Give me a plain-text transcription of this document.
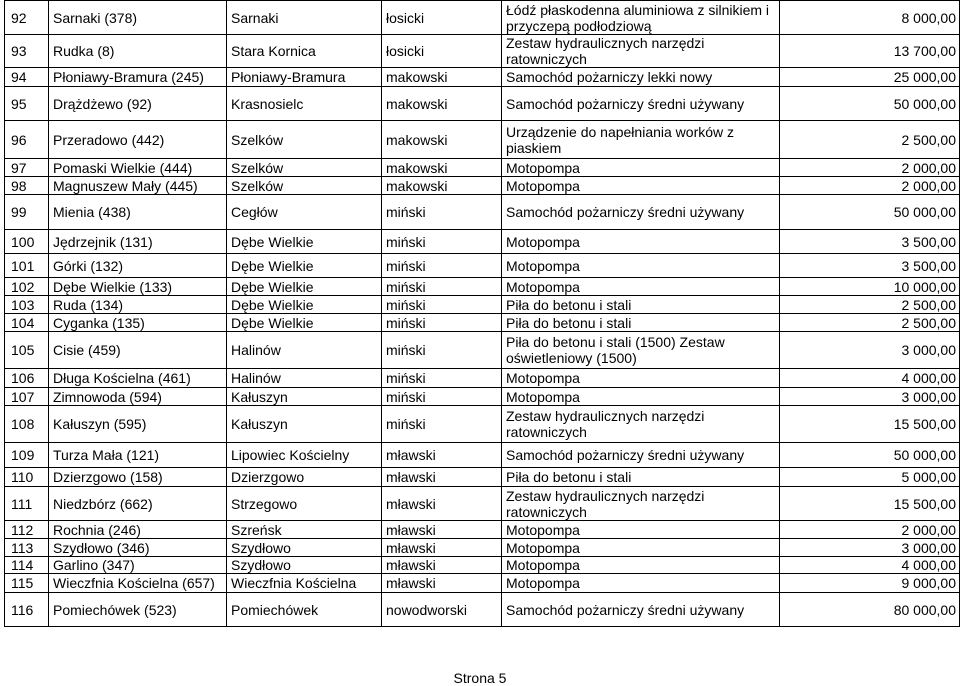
92	Sarnaki (378)	Sarnaki	łosicki	Łódź płaskodenna aluminiowa z silnikiem i przyczepą podłodziową	8 000,00
93	Rudka (8)	Stara Kornica	łosicki	Zestaw hydraulicznych narzędzi ratowniczych	13 700,00
94	Płoniawy-Bramura (245)	Płoniawy-Bramura	makowski	Samochód pożarniczy lekki nowy	25 000,00
95	Drążdżewo (92)	Krasnosielc	makowski	Samochód pożarniczy średni używany	50 000,00
96	Przeradowo (442)	Szelków	makowski	Urządzenie do napełniania worków z piaskiem	2 500,00
97	Pomaski Wielkie (444)	Szelków	makowski	Motopompa	2 000,00
98	Magnuszew Mały (445)	Szelków	makowski	Motopompa	2 000,00
99	Mienia (438)	Cegłów	miński	Samochód pożarniczy średni używany	50 000,00
100	Jędrzejnik (131)	Dębe Wielkie	miński	Motopompa	3 500,00
101	Górki (132)	Dębe Wielkie	miński	Motopompa	3 500,00
102	Dębe Wielkie (133)	Dębe Wielkie	miński	Motopompa	10 000,00
103	Ruda (134)	Dębe Wielkie	miński	Piła do betonu i stali	2 500,00
104	Cyganka (135)	Dębe Wielkie	miński	Piła do betonu i stali	2 500,00
105	Cisie (459)	Halinów	miński	Piła do betonu i stali (1500) Zestaw oświetleniowy (1500)	3 000,00
106	Długa Kościelna (461)	Halinów	miński	Motopompa	4 000,00
107	Zimnowoda (594)	Kałuszyn	miński	Motopompa	3 000,00
108	Kałuszyn (595)	Kałuszyn	miński	Zestaw hydraulicznych narzędzi ratowniczych	15 500,00
109	Turza Mała (121)	Lipowiec Kościelny	mławski	Samochód pożarniczy średni używany	50 000,00
110	Dzierzgowo (158)	Dzierzgowo	mławski	Piła do betonu i stali	5 000,00
111	Niedzbórz (662)	Strzegowo	mławski	Zestaw hydraulicznych narzędzi ratowniczych	15 500,00
112	Rochnia (246)	Szreńsk	mławski	Motopompa	2 000,00
113	Szydłowo (346)	Szydłowo	mławski	Motopompa	3 000,00
114	Garlino (347)	Szydłowo	mławski	Motopompa	4 000,00
115	Wieczfnia Kościelna (657)	Wieczfnia Kościelna	mławski	Motopompa	9 000,00
116	Pomiechówek (523)	Pomiechówek	nowodworski	Samochód pożarniczy średni używany	80 000,00
Strona 5
